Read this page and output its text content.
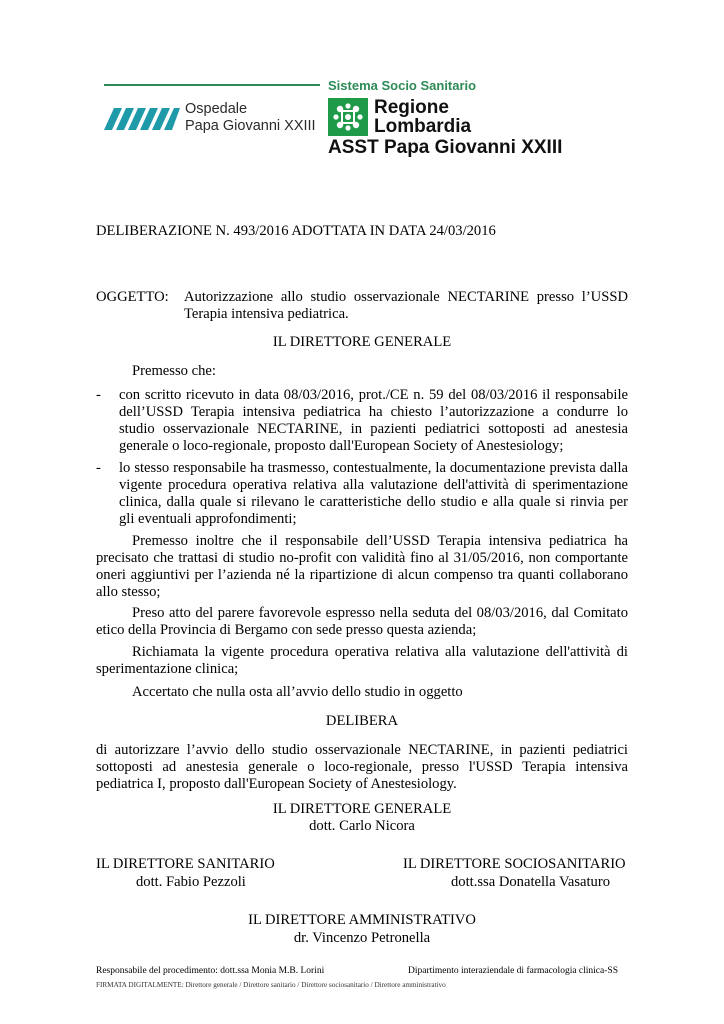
Sistema Socio Sanitario
Ospedale
Papa Giovanni XXIII
Regione
Lombardia
ASST Papa Giovanni XXIII
DELIBERAZIONE N. 493/2016 ADOTTATA IN DATA 24/03/2016
OGGETTO: Autorizzazione allo studio osservazionale NECTARINE presso l’USSD
Terapia intensiva pediatrica.
IL DIRETTORE GENERALE
Premesso che:
- con scritto ricevuto in data 08/03/2016, prot./CE n. 59 del 08/03/2016 il responsabile
dell’USSD Terapia intensiva pediatrica ha chiesto l’autorizzazione a condurre lo
studio osservazionale NECTARINE, in pazienti pediatrici sottoposti ad anestesia
generale o loco-regionale, proposto dall'European Society of Anestesiology;
- lo stesso responsabile ha trasmesso, contestualmente, la documentazione prevista dalla
vigente procedura operativa relativa alla valutazione dell'attività di sperimentazione
clinica, dalla quale si rilevano le caratteristiche dello studio e alla quale si rinvia per
gli eventuali approfondimenti;
Premesso inoltre che il responsabile dell’USSD Terapia intensiva pediatrica ha
precisato che trattasi di studio no-profit con validità fino al 31/05/2016, non comportante
oneri aggiuntivi per l’azienda né la ripartizione di alcun compenso tra quanti collaborano
allo stesso;
Preso atto del parere favorevole espresso nella seduta del 08/03/2016, dal Comitato
etico della Provincia di Bergamo con sede presso questa azienda;
Richiamata la vigente procedura operativa relativa alla valutazione dell'attività di
sperimentazione clinica;
Accertato che nulla osta all’avvio dello studio in oggetto
DELIBERA
di autorizzare l’avvio dello studio osservazionale NECTARINE, in pazienti pediatrici
sottoposti ad anestesia generale o loco-regionale, presso l'USSD Terapia intensiva
pediatrica I, proposto dall'European Society of Anestesiology.
IL DIRETTORE GENERALE
dott. Carlo Nicora
IL DIRETTORE SANITARIO
dott. Fabio Pezzoli
IL DIRETTORE SOCIOSANITARIO
dott.ssa Donatella Vasaturo
IL DIRETTORE AMMINISTRATIVO
dr. Vincenzo Petronella
Responsabile del procedimento: dott.ssa Monia M.B. Lorini	Dipartimento interaziendale di farmacologia clinica-SS
FIRMATA DIGITALMENTE: Direttore generale / Direttore sanitario / Direttore sociosanitario / Direttore amministrativo
